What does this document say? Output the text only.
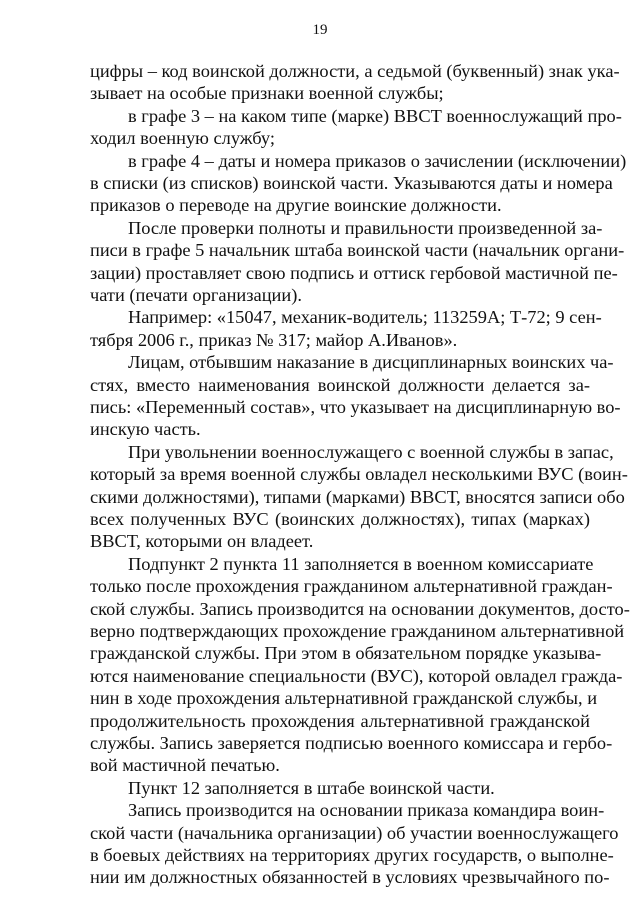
19
цифры – код воинской должности, а седьмой (буквенный) знак ука-
зывает на особые признаки военной службы;
в графе 3 – на каком типе (марке) ВВСТ военнослужащий про-
ходил военную службу;
в графе 4 – даты и номера приказов о зачислении (исключении)
в списки (из списков) воинской части. Указываются даты и номера
приказов о переводе на другие воинские должности.
После проверки полноты и правильности произведенной за-
писи в графе 5 начальник штаба воинской части (начальник органи-
зации) проставляет свою подпись и оттиск гербовой мастичной пе-
чати (печати организации).
Например: «15047, механик-водитель; 113259А; Т-72; 9 сен-
тября 2006 г., приказ № 317; майор А.Иванов».
Лицам, отбывшим наказание в дисциплинарных воинских ча-
стях, вместо наименования воинской должности делается за-
пись: «Переменный состав», что указывает на дисциплинарную во-
инскую часть.
При увольнении военнослужащего с военной службы в запас,
который за время военной службы овладел несколькими ВУС (воин-
скими должностями), типами (марками) ВВСТ, вносятся записи обо
всех полученных ВУС (воинских должностях), типах (марках)
ВВСТ, которыми он владеет.
Подпункт 2 пункта 11 заполняется в военном комиссариате
только после прохождения гражданином альтернативной граждан-
ской службы. Запись производится на основании документов, досто-
верно подтверждающих прохождение гражданином альтернативной
гражданской службы. При этом в обязательном порядке указыва-
ются наименование специальности (ВУС), которой овладел гражда-
нин в ходе прохождения альтернативной гражданской службы, и
продолжительность прохождения альтернативной гражданской
службы. Запись заверяется подписью военного комиссара и гербо-
вой мастичной печатью.
Пункт 12 заполняется в штабе воинской части.
Запись производится на основании приказа командира воин-
ской части (начальника организации) об участии военнослужащего
в боевых действиях на территориях других государств, о выполне-
нии им должностных обязанностей в условиях чрезвычайного по-
